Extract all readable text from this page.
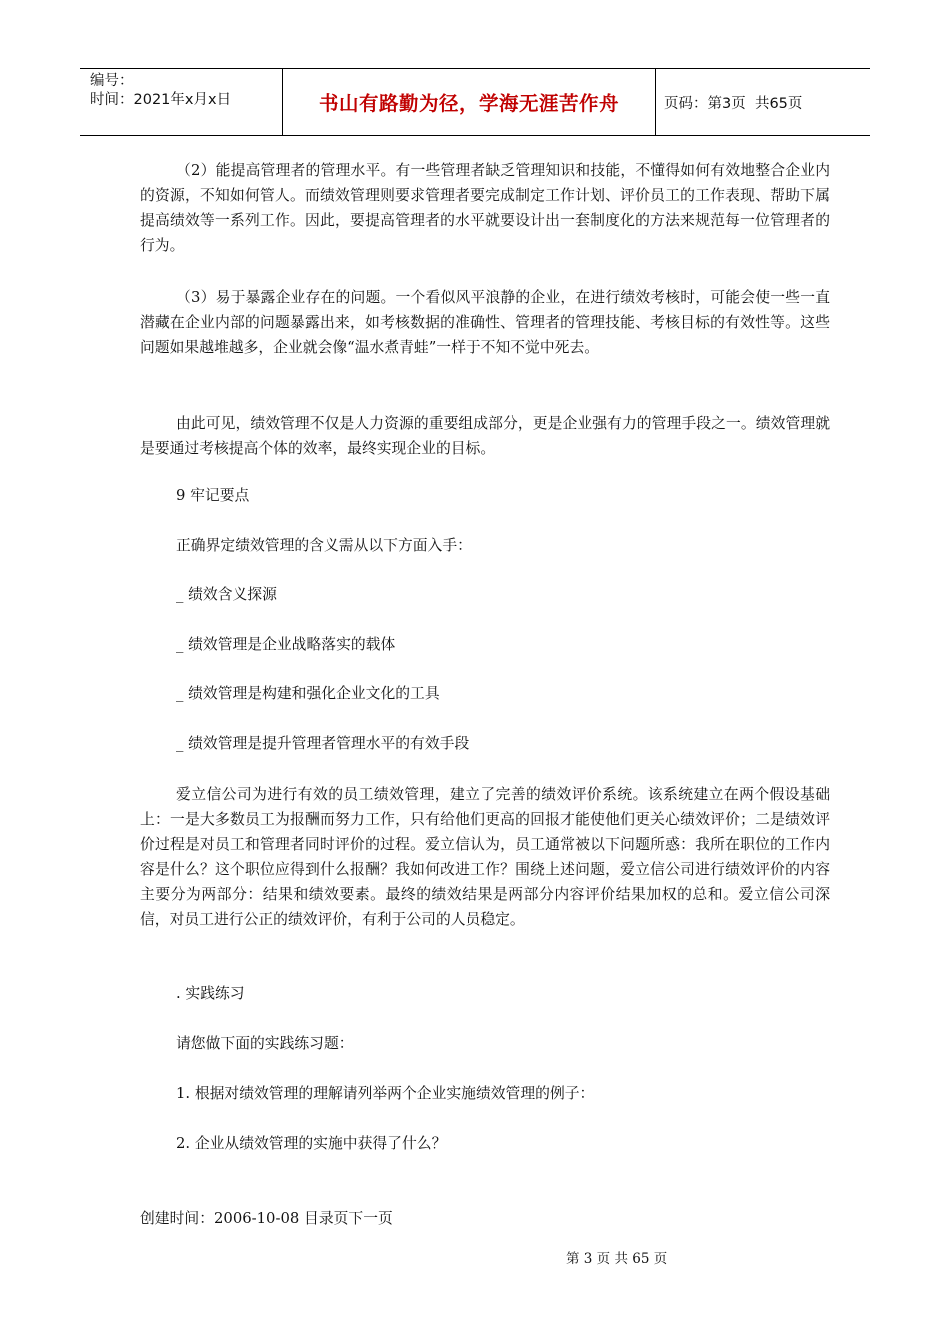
编号：
时间：2021年x月x日	书山有路勤为径，学海无涯苦作舟	页码：第3页  共65页
（2）能提高管理者的管理水平。有一些管理者缺乏管理知识和技能，不懂得如何有效地整合企业内的资源，不知如何管人。而绩效管理则要求管理者要完成制定工作计划、评价员工的工作表现、帮助下属提高绩效等一系列工作。因此，要提高管理者的水平就要设计出一套制度化的方法来规范每一位管理者的行为。
（3）易于暴露企业存在的问题。一个看似风平浪静的企业，在进行绩效考核时，可能会使一些一直潜藏在企业内部的问题暴露出来，如考核数据的准确性、管理者的管理技能、考核目标的有效性等。这些问题如果越堆越多，企业就会像“温水煮青蛙”一样于不知不觉中死去。
由此可见，绩效管理不仅是人力资源的重要组成部分，更是企业强有力的管理手段之一。绩效管理就是要通过考核提高个体的效率，最终实现企业的目标。
9 牢记要点
正确界定绩效管理的含义需从以下方面入手：
_ 绩效含义探源
_ 绩效管理是企业战略落实的载体
_ 绩效管理是构建和强化企业文化的工具
_ 绩效管理是提升管理者管理水平的有效手段
爱立信公司为进行有效的员工绩效管理，建立了完善的绩效评价系统。该系统建立在两个假设基础上：一是大多数员工为报酬而努力工作，只有给他们更高的回报才能使他们更关心绩效评价；二是绩效评价过程是对员工和管理者同时评价的过程。爱立信认为，员工通常被以下问题所惑：我所在职位的工作内容是什么？这个职位应得到什么报酬？我如何改进工作？围绕上述问题，爱立信公司进行绩效评价的内容主要分为两部分：结果和绩效要素。最终的绩效结果是两部分内容评价结果加权的总和。爱立信公司深信，对员工进行公正的绩效评价，有利于公司的人员稳定。
. 实践练习
请您做下面的实践练习题：
1. 根据对绩效管理的理解请列举两个企业实施绩效管理的例子：
2. 企业从绩效管理的实施中获得了什么？
创建时间：2006-10-08 目录页下一页
第 3 页 共 65 页
